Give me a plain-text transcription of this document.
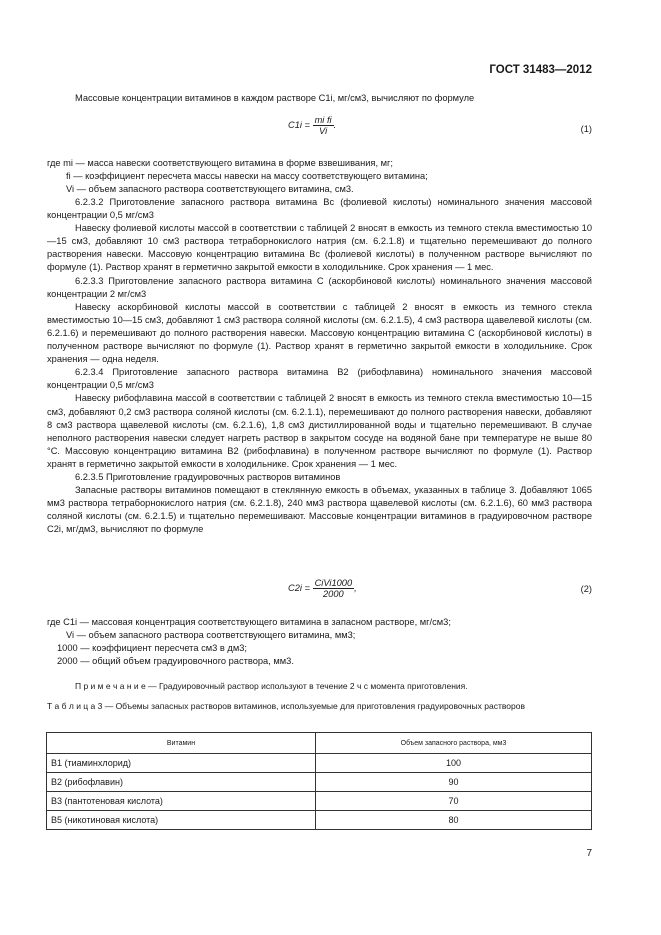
ГОСТ 31483—2012

Массовые концентрации витаминов в каждом растворе C1i, мг/см3, вычисляют по формуле

$C1i = \frac{\text{mi fi}}{Vi}$ .	(1)

где mi — масса навески соответствующего витамина в форме взвешивания, мг;

fi — коэффициент пересчета массы навески на массу соответствующего витамина;

Vi — объем запасного раствора соответствующего витамина, см3.

6.2.3.2 Приготовление запасного раствора витамина Bc (фолиевой кислоты) номинального значения массовой концентрации 0,5 мг/см3

Навеску фолиевой кислоты массой в соответствии с таблицей 2 вносят в емкость из темного стекла вместимостью 10—15 см3, добавляют 10 см3 раствора тетраборнокислого натрия (см. 6.2.1.8) и тщательно перемешивают до полного растворения навески. Массовую концентрацию витамина Bc (фолиевой кислоты) в полученном растворе вычисляют по формуле (1). Раствор хранят в герметично закрытой емкости в холодильнике. Срок хранения — 1 мес.

6.2.3.3 Приготовление запасного раствора витамина С (аскорбиновой кислоты) номинального значения массовой концентрации 2 мг/см3

Навеску аскорбиновой кислоты массой в соответствии с таблицей 2 вносят в емкость из темного стекла вместимостью 10—15 см3, добавляют 1 см3 раствора соляной кислоты (см. 6.2.1.5), 4 см3 раствора щавелевой кислоты (см. 6.2.1.6) и перемешивают до полного растворения навески. Массовую концентрацию витамина С (аскорбиновой кислоты) в полученном растворе вычисляют по формуле (1). Раствор хранят в герметично закрытой емкости в холодильнике. Срок хранения — одна неделя.

6.2.3.4 Приготовление запасного раствора витамина B2 (рибофлавина) номинального значения массовой концентрации 0,5 мг/см3

Навеску рибофлавина массой в соответствии с таблицей 2 вносят в емкость из темного стекла вместимостью 10—15 см3, добавляют 0,2 см3 раствора соляной кислоты (см. 6.2.1.1), перемешивают до полного растворения навески, добавляют 8 см3 раствора щавелевой кислоты (см. 6.2.1.6), 1,8 см3 дистиллированной воды и тщательно перемешивают. В случае неполного растворения навески следует нагреть раствор в закрытом сосуде на водяной бане при температуре не выше 80 °С. Массовую концентрацию витамина B2 (рибофлавина) в полученном растворе вычисляют по формуле (1). Раствор хранят в герметично закрытой емкости в холодильнике. Срок хранения — 1 мес.

6.2.3.5 Приготовление градуировочных растворов витаминов

Запасные растворы витаминов помещают в стеклянную емкость в объемах, указанных в таблице 3. Добавляют 1065 мм3 раствора тетраборнокислого натрия (см. 6.2.1.8), 240 мм3 раствора щавелевой кислоты (см. 6.2.1.6), 60 мм3 раствора соляной кислоты (см. 6.2.1.5) и тщательно перемешивают. Массовые концентрации витаминов в градуировочном растворе C2i, мг/дм3, вычисляют по формуле

$C2i = \frac{\text{CiVi1000}}{2000}$ ,	(2)

где C1i — массовая концентрация соответствующего витамина в запасном растворе, мг/см3;

Vi — объем запасного раствора соответствующего витамина, мм3;

1000 — коэффициент пересчета см3 в дм3;

2000 — общий объем градуировочного раствора, мм3.

П р и м е ч а н и е — Градуировочный раствор используют в течение 2 ч с момента приготовления.
Т а б л и ц а 3 — Объемы запасных растворов витаминов, используемые для приготовления градуировочных растворов
Витамин	Объем запасного раствора, мм3
B1 (тиаминхлорид)	100
B2 (рибофлавин)	90
B3 (пантотеновая кислота)	70
B5 (никотиновая кислота)	80
7
